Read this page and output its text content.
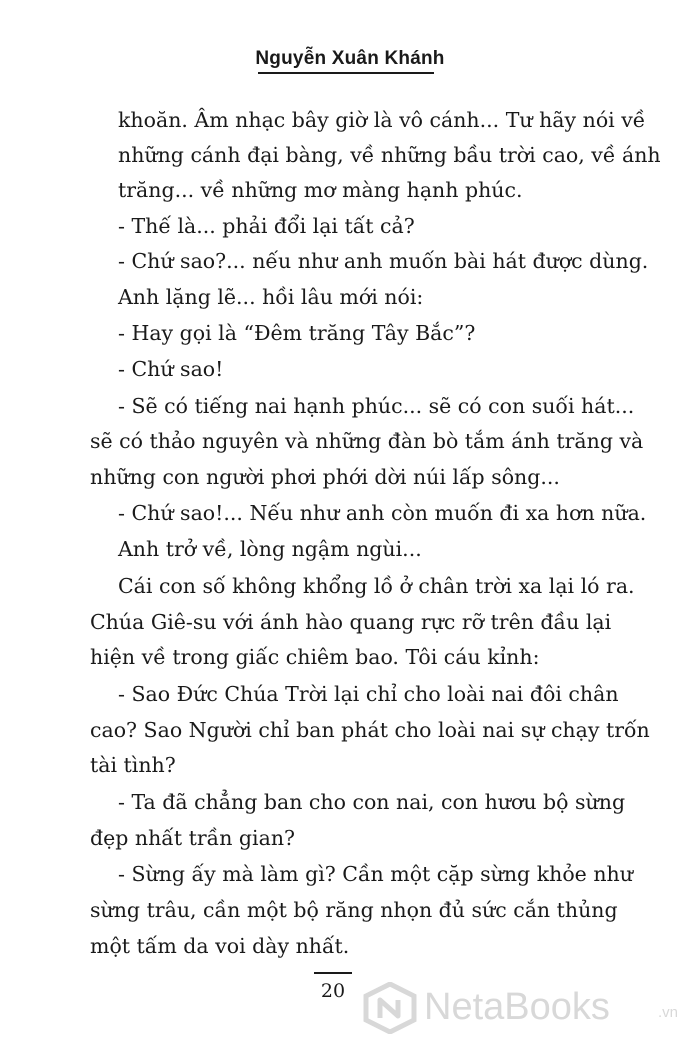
Nguyễn Xuân Khánh
khoăn. Âm nhạc bây giờ là vô cánh... Tư hãy nói về
những cánh đại bàng, về những bầu trời cao, về ánh
trăng... về những mơ màng hạnh phúc.
- Thế là... phải đổi lại tất cả?
- Chứ sao?... nếu như anh muốn bài hát được dùng.
Anh lặng lẽ... hồi lâu mới nói:
- Hay gọi là “Đêm trăng Tây Bắc”?
- Chứ sao!
- Sẽ có tiếng nai hạnh phúc... sẽ có con suối hát...
sẽ có thảo nguyên và những đàn bò tắm ánh trăng và
những con người phơi phới dời núi lấp sông...
- Chứ sao!... Nếu như anh còn muốn đi xa hơn nữa.
Anh trở về, lòng ngậm ngùi...
Cái con số không khổng lồ ở chân trời xa lại ló ra.
Chúa Giê-su với ánh hào quang rực rỡ trên đầu lại
hiện về trong giấc chiêm bao. Tôi cáu kỉnh:
- Sao Đức Chúa Trời lại chỉ cho loài nai đôi chân
cao? Sao Người chỉ ban phát cho loài nai sự chạy trốn
tài tình?
- Ta đã chẳng ban cho con nai, con hươu bộ sừng
đẹp nhất trần gian?
- Sừng ấy mà làm gì? Cần một cặp sừng khỏe như
sừng trâu, cần một bộ răng nhọn đủ sức cắn thủng
một tấm da voi dày nhất.
20 NetaBooks	.vn
